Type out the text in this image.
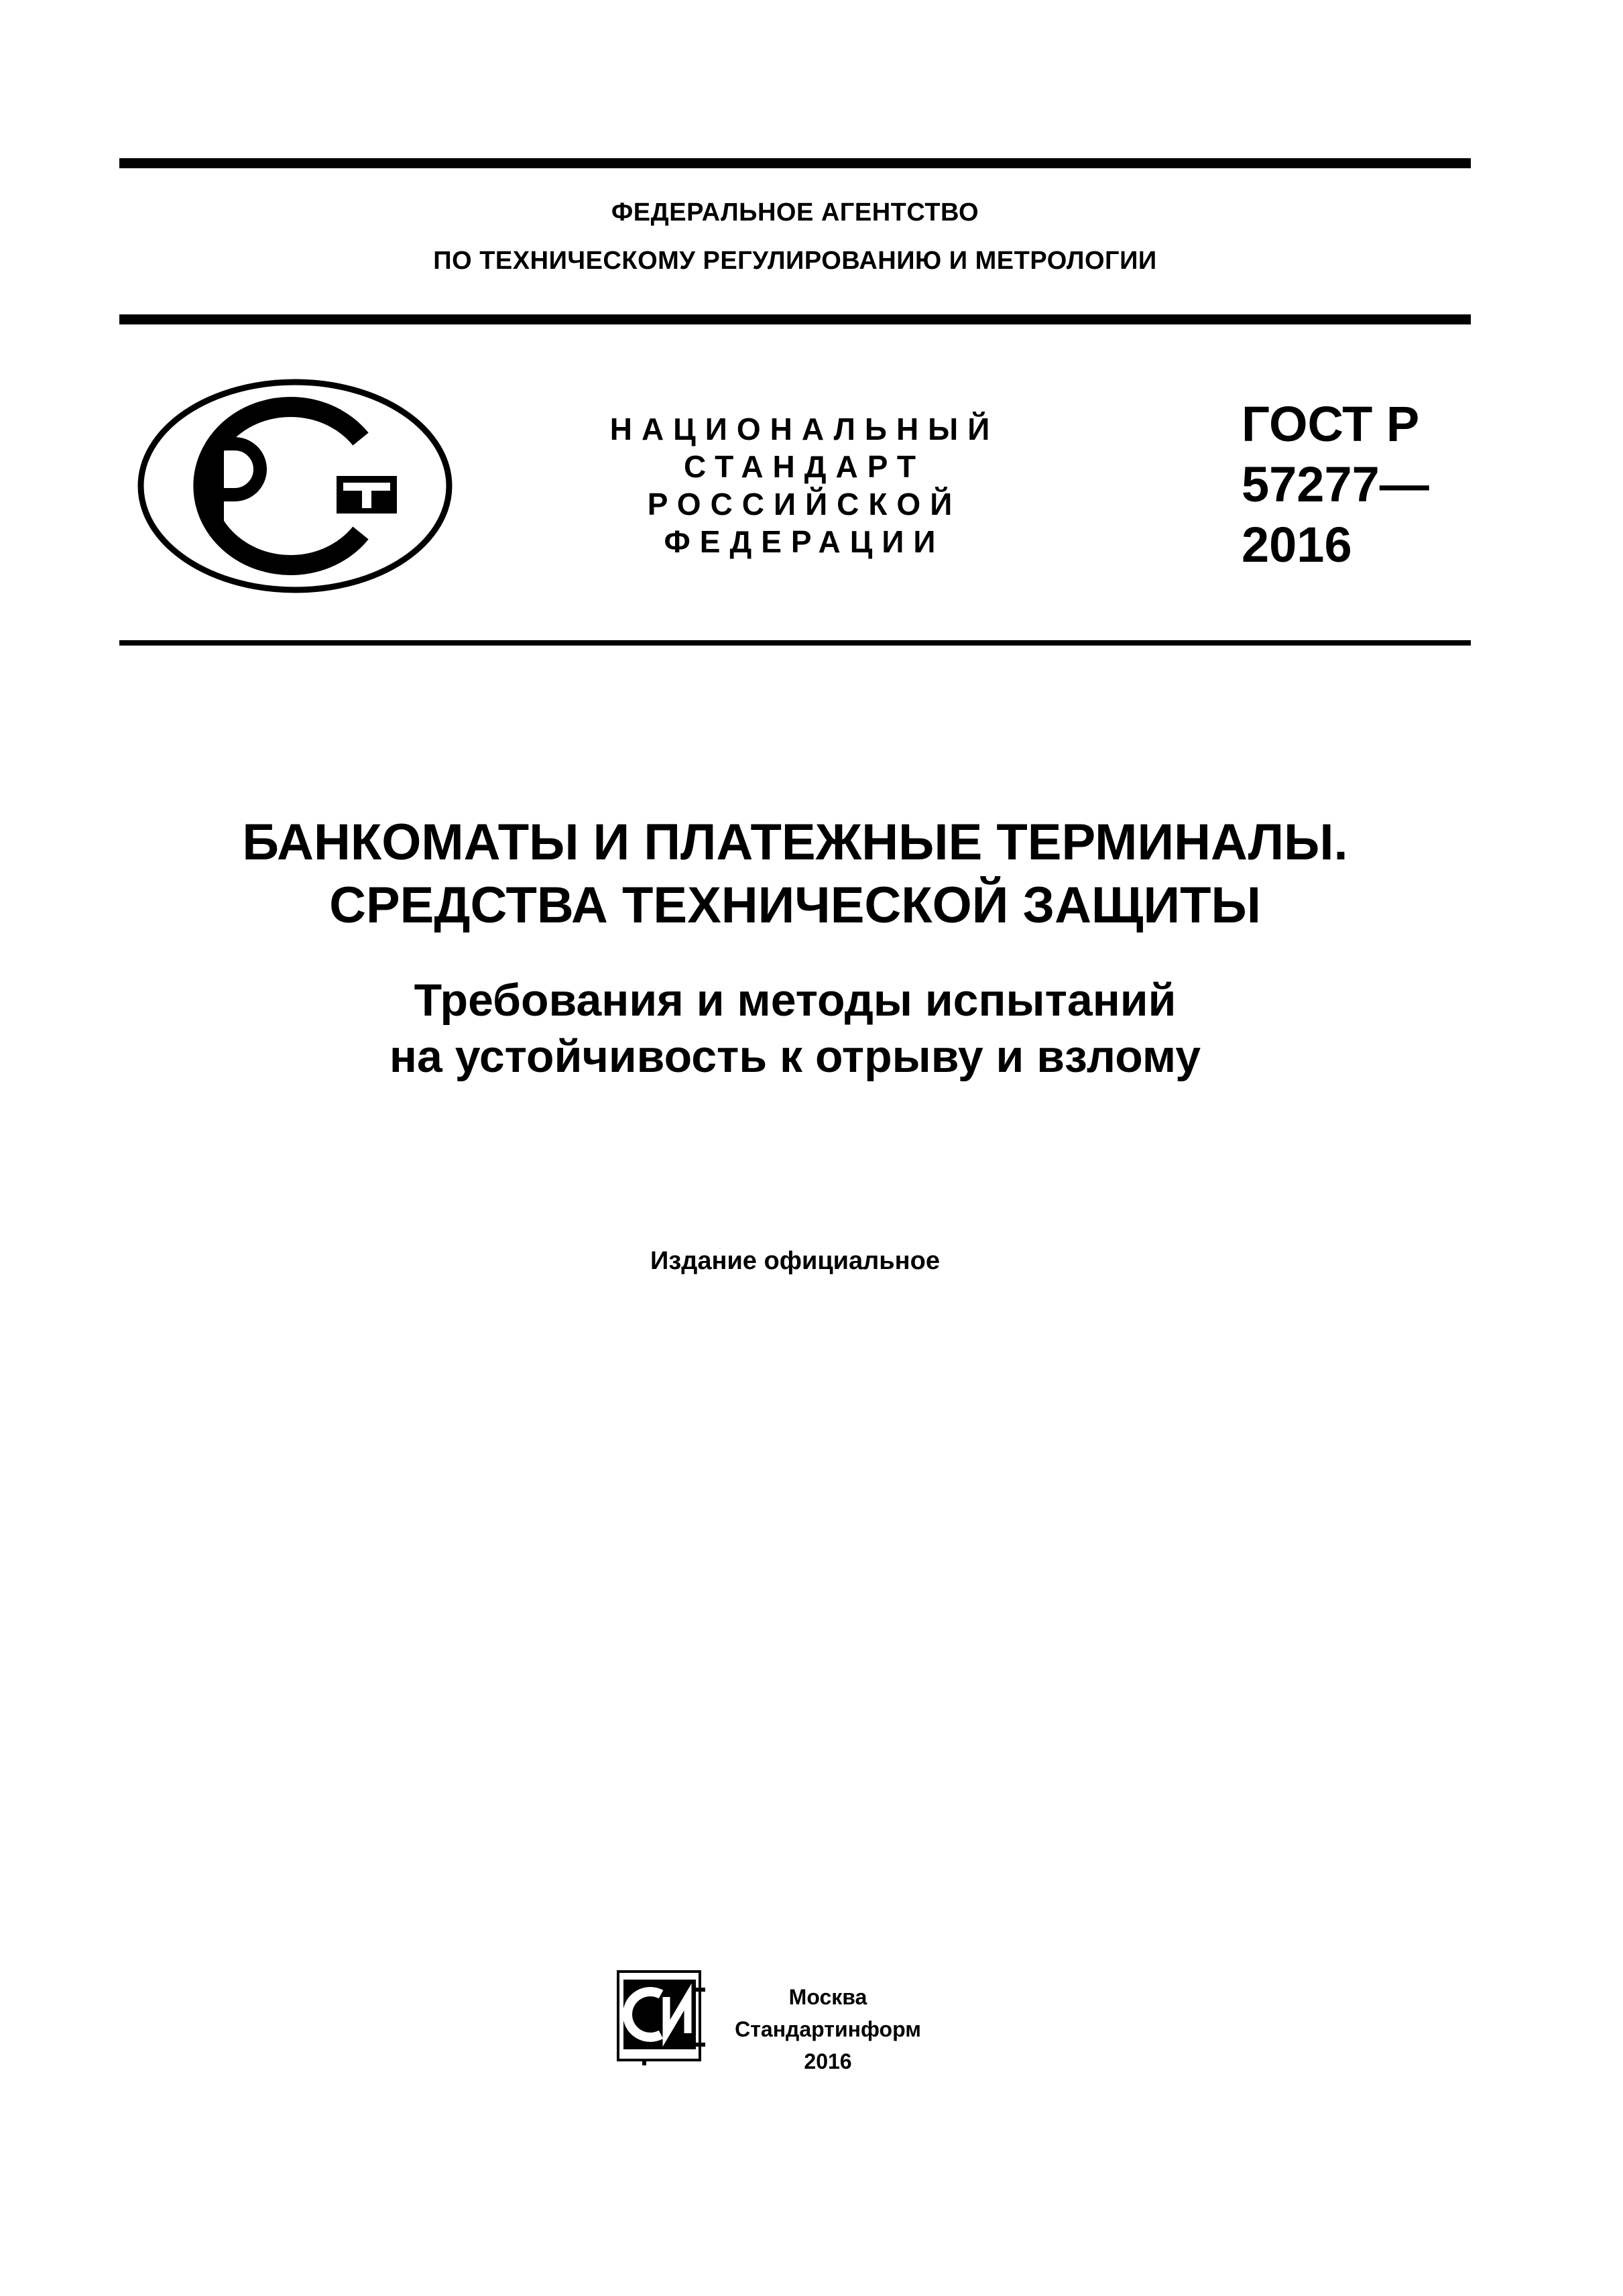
ФЕДЕРАЛЬНОЕ АГЕНТСТВО
ПО ТЕХНИЧЕСКОМУ РЕГУЛИРОВАНИЮ И МЕТРОЛОГИИ
НАЦИОНАЛЬНЫЙ
СТАНДАРТ
РОССИЙСКОЙ
ФЕДЕРАЦИИ
ГОСТ Р
57277—
2016
БАНКОМАТЫ И ПЛАТЕЖНЫЕ ТЕРМИНАЛЫ.
СРЕДСТВА ТЕХНИЧЕСКОЙ ЗАЩИТЫ
Требования и методы испытаний
на устойчивость к отрыву и взлому
Издание официальное
Москва
Стандартинформ
2016
